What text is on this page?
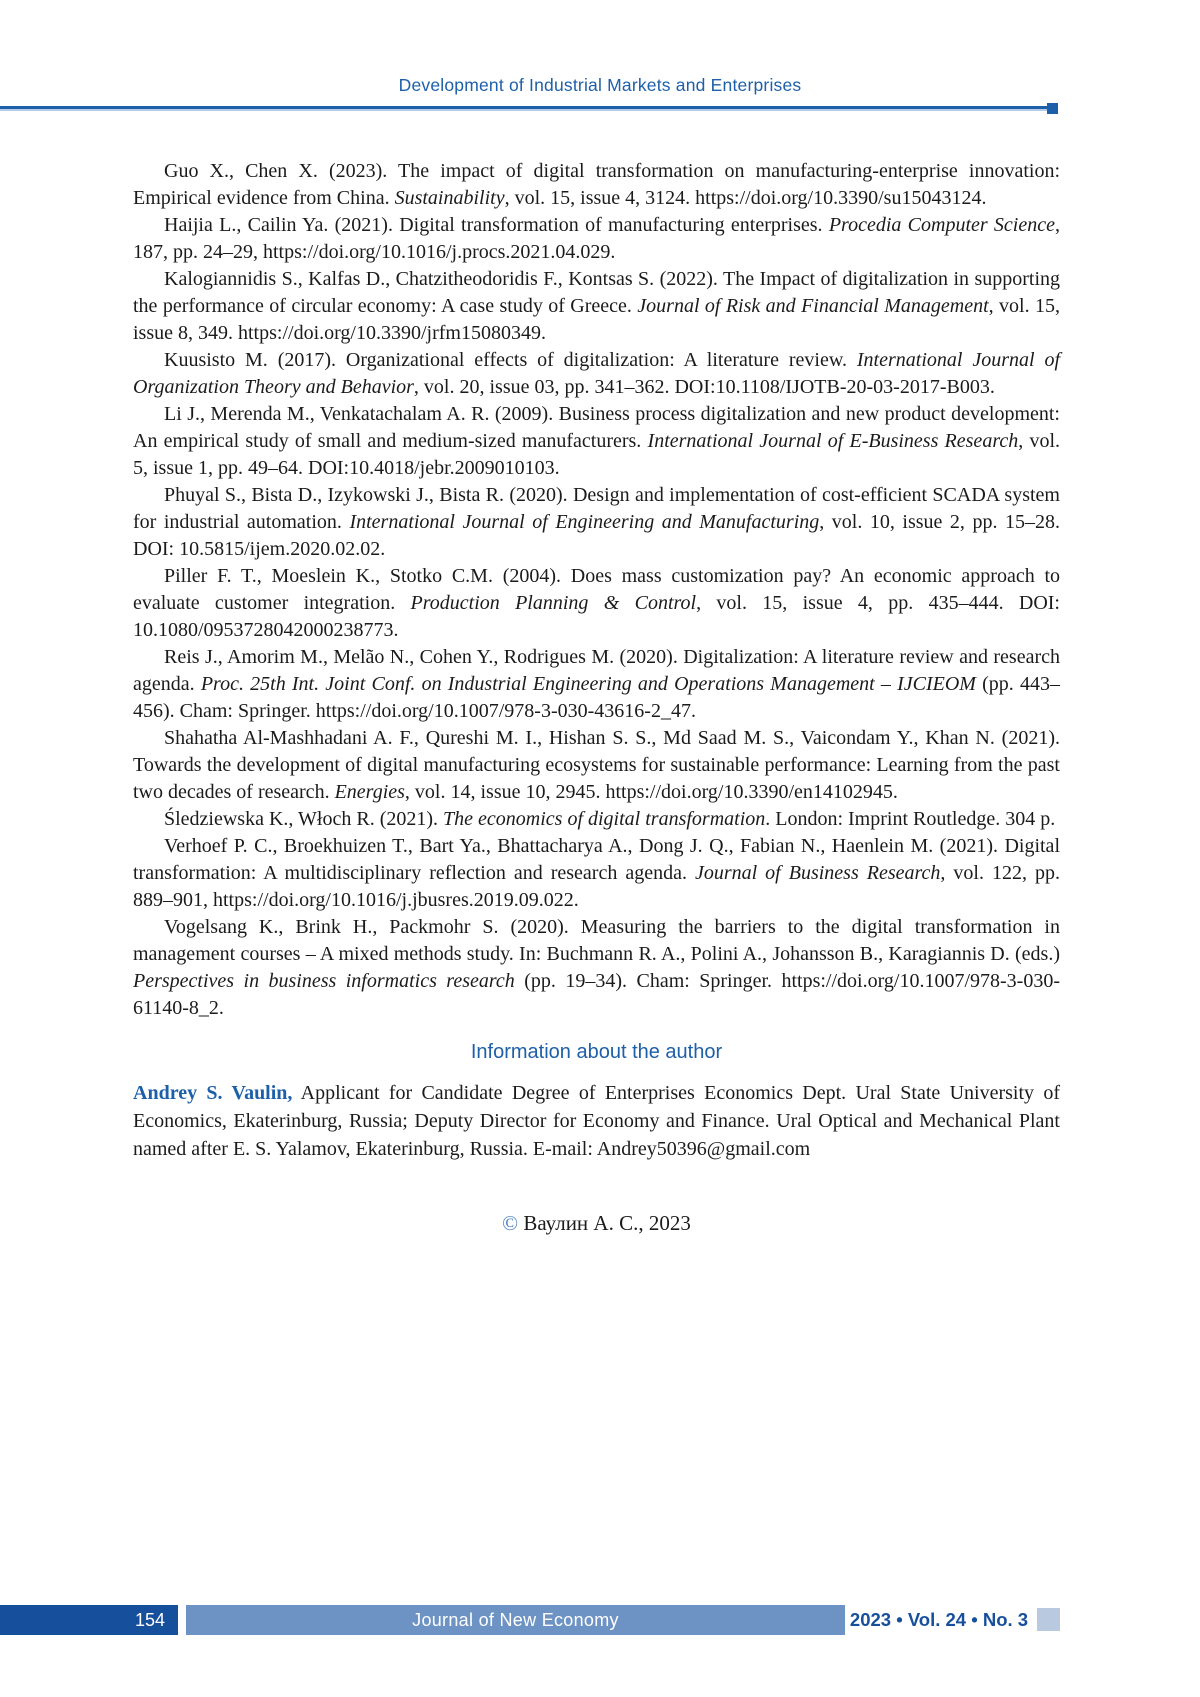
Development of Industrial Markets and Enterprises

Guo X., Chen X. (2023). The impact of digital transformation on manufacturing-enterprise innovation: Empirical evidence from China. Sustainability, vol. 15, issue 4, 3124. https://doi.org/10.3390/su15043124.

Haijia L., Cailin Ya. (2021). Digital transformation of manufacturing enterprises. Procedia Computer Science, 187, pp. 24–29, https://doi.org/10.1016/j.procs.2021.04.029.

Kalogiannidis S., Kalfas D., Chatzitheodoridis F., Kontsas S. (2022). The Impact of digitalization in supporting the performance of circular economy: A case study of Greece. Journal of Risk and Financial Management, vol. 15, issue 8, 349. https://doi.org/10.3390/jrfm15080349.

Kuusisto M. (2017). Organizational effects of digitalization: A literature review. International Journal of Organization Theory and Behavior, vol. 20, issue 03, pp. 341–362. DOI:10.1108/IJOTB-20-03-2017-B003.

Li J., Merenda M., Venkatachalam A. R. (2009). Business process digitalization and new product development: An empirical study of small and medium-sized manufacturers. International Journal of E-Business Research, vol. 5, issue 1, pp. 49–64. DOI:10.4018/jebr.2009010103.

Phuyal S., Bista D., Izykowski J., Bista R. (2020). Design and implementation of cost-efficient SCADA system for industrial automation. International Journal of Engineering and Manufacturing, vol. 10, issue 2, pp. 15–28. DOI: 10.5815/ijem.2020.02.02.

Piller F. T., Moeslein K., Stotko C.M. (2004). Does mass customization pay? An economic approach to evaluate customer integration. Production Planning & Control, vol. 15, issue 4, pp. 435–444. DOI: 10.1080/0953728042000238773.

Reis J., Amorim M., Melão N., Cohen Y., Rodrigues M. (2020). Digitalization: A literature review and research agenda. Proc. 25th Int. Joint Conf. on Industrial Engineering and Operations Management – IJCIEOM (pp. 443–456). Cham: Springer. https://doi.org/10.1007/978-3-030-43616-2_47.

Shahatha Al-Mashhadani A. F., Qureshi M. I., Hishan S. S., Md Saad M. S., Vaicondam Y., Khan N. (2021). Towards the development of digital manufacturing ecosystems for sustainable performance: Learning from the past two decades of research. Energies, vol. 14, issue 10, 2945. https://doi.org/10.3390/en14102945.

Śledziewska K., Włoch R. (2021). The economics of digital transformation. London: Imprint Routledge. 304 p.

Verhoef P. C., Broekhuizen T., Bart Ya., Bhattacharya A., Dong J. Q., Fabian N., Haenlein M. (2021). Digital transformation: A multidisciplinary reflection and research agenda. Journal of Business Research, vol. 122, pp. 889–901, https://doi.org/10.1016/j.jbusres.2019.09.022.

Vogelsang K., Brink H., Packmohr S. (2020). Measuring the barriers to the digital transformation in management courses – A mixed methods study. In: Buchmann R. A., Polini A., Johansson B., Karagiannis D. (eds.) Perspectives in business informatics research (pp. 19–34). Cham: Springer. https://doi.org/10.1007/978-3-030-61140-8_2.

Information about the author

Andrey S. Vaulin, Applicant for Candidate Degree of Enterprises Economics Dept. Ural State University of Economics, Ekaterinburg, Russia; Deputy Director for Economy and Finance. Ural Optical and Mechanical Plant named after E. S. Yalamov, Ekaterinburg, Russia. E-mail: Andrey50396@gmail.com

© Ваулин А. С., 2023

154	Journal of New Economy	2023 • Vol. 24 • No. 3
